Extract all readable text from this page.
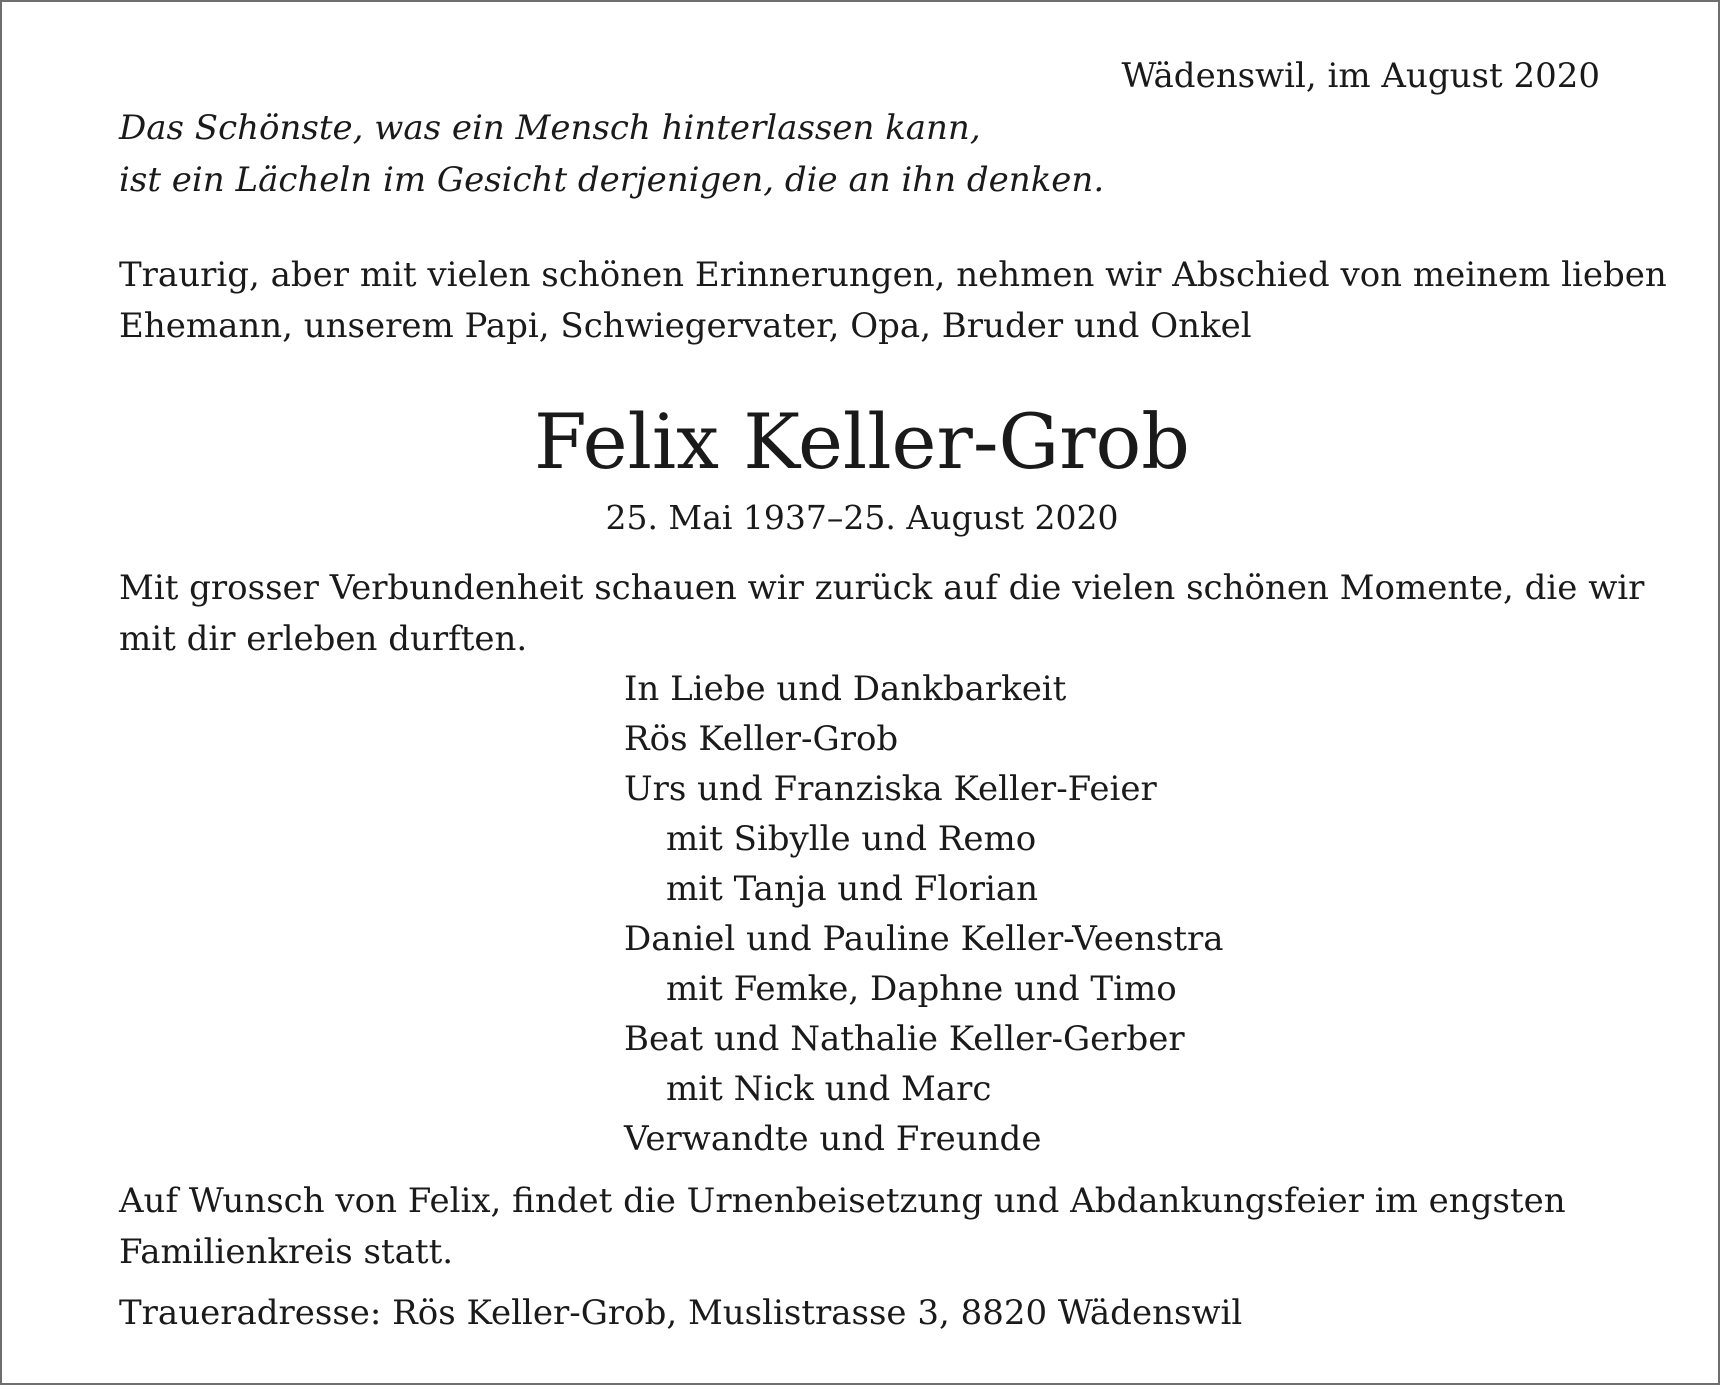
Wädenswil, im August 2020
Das Schönste, was ein Mensch hinterlassen kann,
ist ein Lächeln im Gesicht derjenigen, die an ihn denken.
Traurig, aber mit vielen schönen Erinnerungen, nehmen wir Abschied von meinem lieben
Ehemann, unserem Papi, Schwiegervater, Opa, Bruder und Onkel
Felix Keller-Grob
25. Mai 1937–25. August 2020
Mit grosser Verbundenheit schauen wir zurück auf die vielen schönen Momente, die wir
mit dir erleben durften.
In Liebe und Dankbarkeit
Rös Keller-Grob
Urs und Franziska Keller-Feier
mit Sibylle und Remo
mit Tanja und Florian
Daniel und Pauline Keller-Veenstra
mit Femke, Daphne und Timo
Beat und Nathalie Keller-Gerber
mit Nick und Marc
Verwandte und Freunde
Auf Wunsch von Felix, findet die Urnenbeisetzung und Abdankungsfeier im engsten
Familienkreis statt.
Traueradresse: Rös Keller-Grob, Muslistrasse 3, 8820 Wädenswil
